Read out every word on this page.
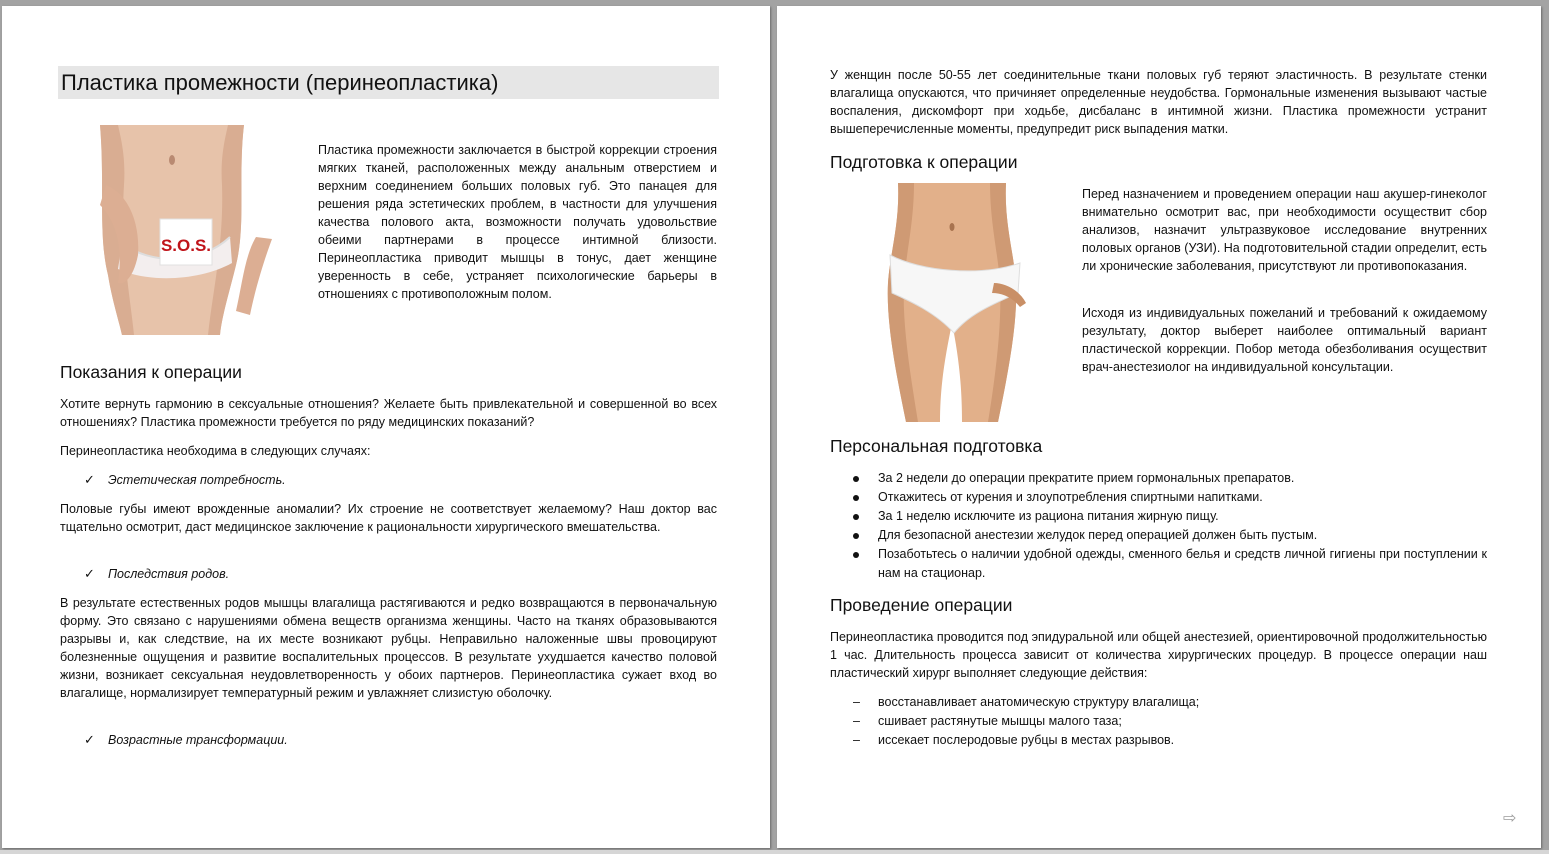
Пластика промежности (перинеопластика)
S.O.S.
Пластика промежности заключается в быстрой коррекции строения мягких тканей, расположенных между анальным отверстием и верхним соединением больших половых губ. Это панацея для решения ряда эстетических проблем, в частности для улучшения качества полового акта, возможности получать удовольствие обеими партнерами в процессе интимной близости. Перинеопластика приводит мышцы в тонус, дает женщине уверенность в себе, устраняет психологические барьеры в отношениях с противоположным полом.
Показания к операции
Хотите вернуть гармонию в сексуальные отношения? Желаете быть привлекательной и совершенной во всех отношениях? Пластика промежности требуется по ряду медицинских показаний?
Перинеопластика необходима в следующих случаях:
✓ Эстетическая потребность.
Половые губы имеют врожденные аномалии? Их строение не соответствует желаемому? Наш доктор вас тщательно осмотрит, даст медицинское заключение к рациональности хирургического вмешательства.
✓ Последствия родов.
В результате естественных родов мышцы влагалища растягиваются и редко возвращаются в первоначальную форму. Это связано с нарушениями обмена веществ организма женщины. Часто на тканях образовываются разрывы и, как следствие, на их месте возникают рубцы. Неправильно наложенные швы провоцируют болезненные ощущения и развитие воспалительных процессов. В результате ухудшается качество половой жизни, возникает сексуальная неудовлетворенность у обоих партнеров. Перинеопластика сужает вход во влагалище, нормализирует температурный режим и увлажняет слизистую оболочку.
✓ Возрастные трансформации.
У женщин после 50-55 лет соединительные ткани половых губ теряют эластичность. В результате стенки влагалища опускаются, что причиняет определенные неудобства. Гормональные изменения вызывают частые воспаления, дискомфорт при ходьбе, дисбаланс в интимной жизни. Пластика промежности устранит вышеперечисленные моменты, предупредит риск выпадения матки.
Подготовка к операции
Перед назначением и проведением операции наш акушер-гинеколог внимательно осмотрит вас, при необходимости осуществит сбор анализов, назначит ультразвуковое исследование внутренних половых органов (УЗИ). На подготовительной стадии определит, есть ли хронические заболевания, присутствуют ли противопоказания.
Исходя из индивидуальных пожеланий и требований к ожидаемому результату, доктор выберет наиболее оптимальный вариант пластической коррекции. Побор метода обезболивания осуществит врач-анестезиолог на индивидуальной консультации.
Персональная подготовка
За 2 недели до операции прекратите прием гормональных препаратов.
Откажитесь от курения и злоупотребления спиртными напитками.
За 1 неделю исключите из рациона питания жирную пищу.
Для безопасной анестезии желудок перед операцией должен быть пустым.
Позаботьтесь о наличии удобной одежды, сменного белья и средств личной гигиены при поступлении к нам на стационар.
Проведение операции
Перинеопластика проводится под эпидуральной или общей анестезией, ориентировочной продолжительностью 1 час. Длительность процесса зависит от количества хирургических процедур. В процессе операции наш пластический хирург выполняет следующие действия:
– восстанавливает анатомическую структуру влагалища;
– сшивает растянутые мышцы малого таза;
– иссекает послеродовые рубцы в местах разрывов.
⇨
